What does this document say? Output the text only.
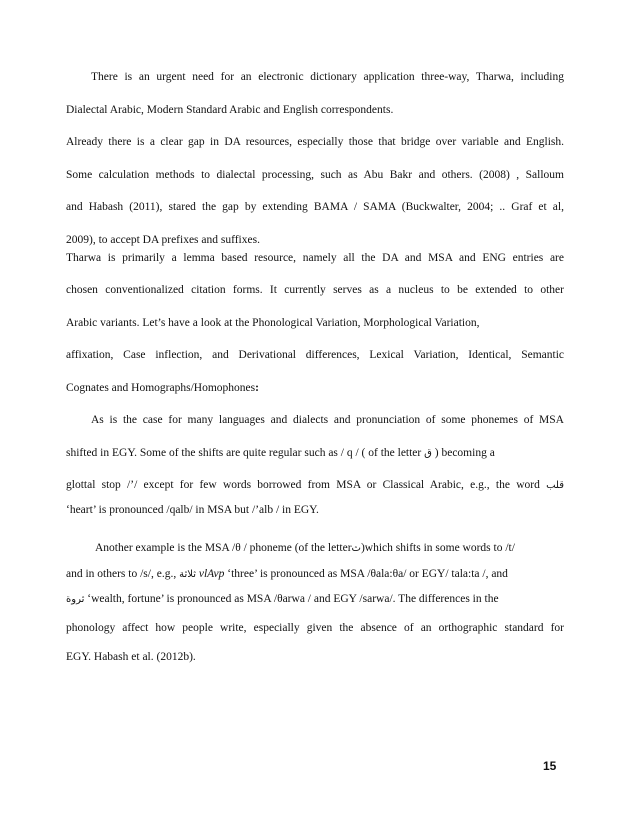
There is an urgent need for an electronic dictionary application three-way, Tharwa, including
Dialectal Arabic, Modern Standard Arabic and English correspondents.
Already there is a clear gap in DA resources, especially those that bridge over variable and English.
Some calculation methods to dialectal processing, such as Abu Bakr and others. (2008) , Salloum
and Habash (2011), stared the gap by extending BAMA / SAMA (Buckwalter, 2004; .. Graf et al,
2009), to accept DA prefixes and suffixes.
Tharwa is primarily a lemma based resource, namely all the DA and MSA and ENG entries are
chosen conventionalized citation forms. It currently serves as a nucleus to be extended to other
Arabic variants. Let’s have a look at the Phonological Variation, Morphological Variation,
affixation, Case inflection, and Derivational differences, Lexical Variation, Identical, Semantic
Cognates and Homographs/Homophones:
As is the case for many languages and dialects and pronunciation of some phonemes of MSA
shifted in EGY. Some of the shifts are quite regular such as / q / ( of the letter ق ) becoming a
glottal stop /’/ except for few words borrowed from MSA or Classical Arabic, e.g., the word قلب
‘heart’ is pronounced /qalb/ in MSA but /’alb / in EGY.
Another example is the MSA /θ / phoneme (of the letterث)which shifts in some words to /t/
and in others to /s/, e.g., ثلاثة vlAvp ‘three’ is pronounced as MSA /θala:θa/ or EGY/ tala:ta /, and
ثروة ‘wealth, fortune’ is pronounced as MSA /θarwa / and EGY /sarwa/. The differences in the
phonology affect how people write, especially given the absence of an orthographic standard for
EGY. Habash et al. (2012b).
15
